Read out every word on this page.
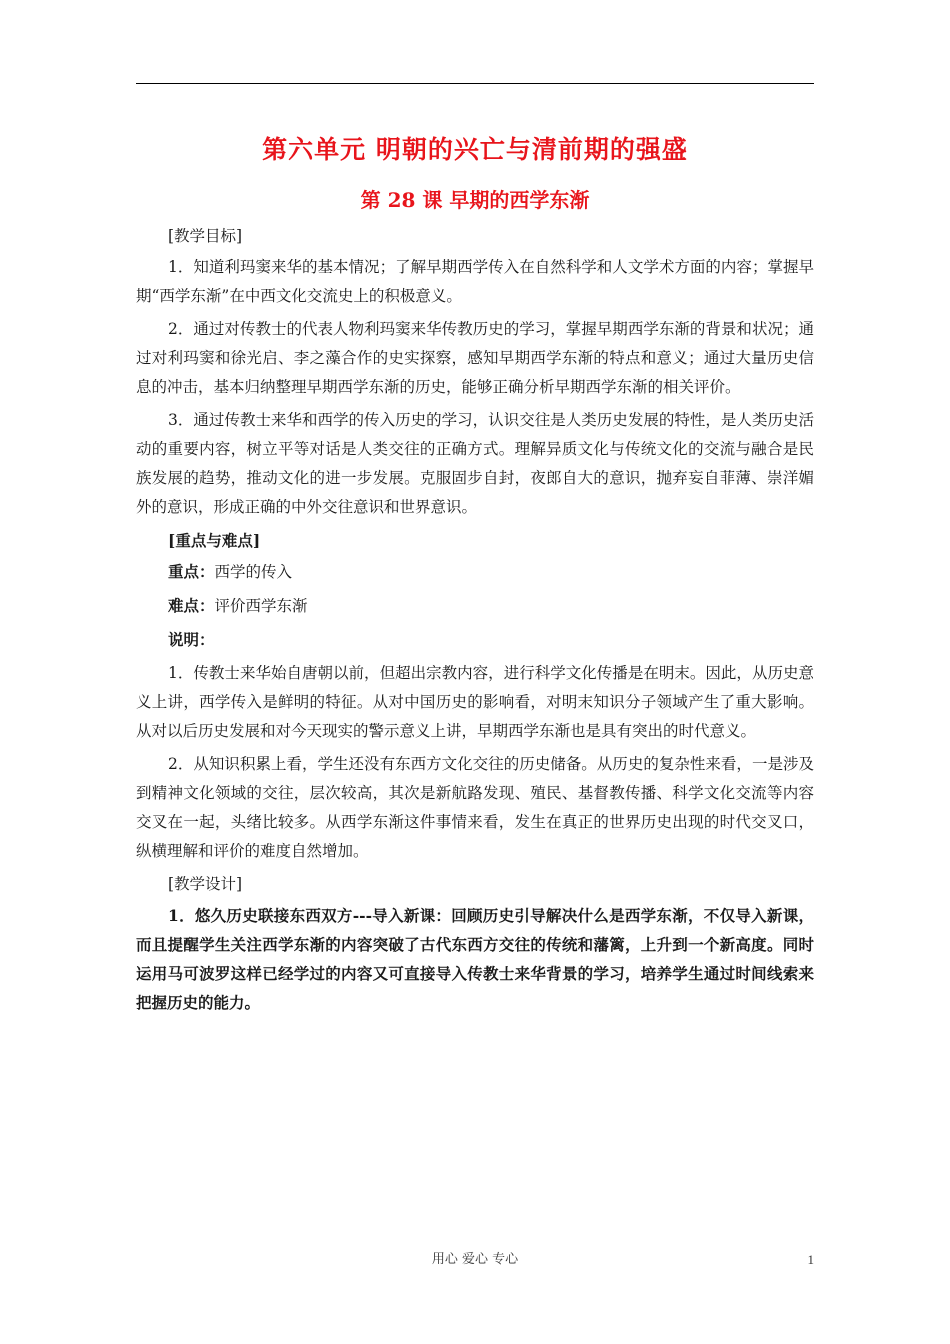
第六单元 明朝的兴亡与清前期的强盛
第 28 课 早期的西学东渐
[教学目标]

1．知道利玛窦来华的基本情况；了解早期西学传入在自然科学和人文学术方面的内容；掌握早期“西学东渐”在中西文化交流史上的积极意义。

2．通过对传教士的代表人物利玛窦来华传教历史的学习，掌握早期西学东渐的背景和状况；通过对利玛窦和徐光启、李之藻合作的史实探察，感知早期西学东渐的特点和意义；通过大量历史信息的冲击，基本归纳整理早期西学东渐的历史，能够正确分析早期西学东渐的相关评价。

3．通过传教士来华和西学的传入历史的学习，认识交往是人类历史发展的特性，是人类历史活动的重要内容，树立平等对话是人类交往的正确方式。理解异质文化与传统文化的交流与融合是民族发展的趋势，推动文化的进一步发展。克服固步自封，夜郎自大的意识，抛弃妄自菲薄、崇洋媚外的意识，形成正确的中外交往意识和世界意识。

[重点与难点]
重点：西学的传入
难点：评价西学东渐
说明：

1．传教士来华始自唐朝以前，但超出宗教内容，进行科学文化传播是在明末。因此，从历史意义上讲，西学传入是鲜明的特征。从对中国历史的影响看，对明末知识分子领域产生了重大影响。从对以后历史发展和对今天现实的警示意义上讲，早期西学东渐也是具有突出的时代意义。

2．从知识积累上看，学生还没有东西方文化交往的历史储备。从历史的复杂性来看，一是涉及到精神文化领域的交往，层次较高，其次是新航路发现、殖民、基督教传播、科学文化交流等内容交叉在一起，头绪比较多。从西学东渐这件事情来看，发生在真正的世界历史出现的时代交叉口，纵横理解和评价的难度自然增加。

[教学设计]

1．悠久历史联接东西双方---导入新课：回顾历史引导解决什么是西学东渐，不仅导入新课，而且提醒学生关注西学东渐的内容突破了古代东西方交往的传统和藩篱，上升到一个新高度。同时运用马可波罗这样已经学过的内容又可直接导入传教士来华背景的学习，培养学生通过时间线索来把握历史的能力。

用心 爱心 专心	1
